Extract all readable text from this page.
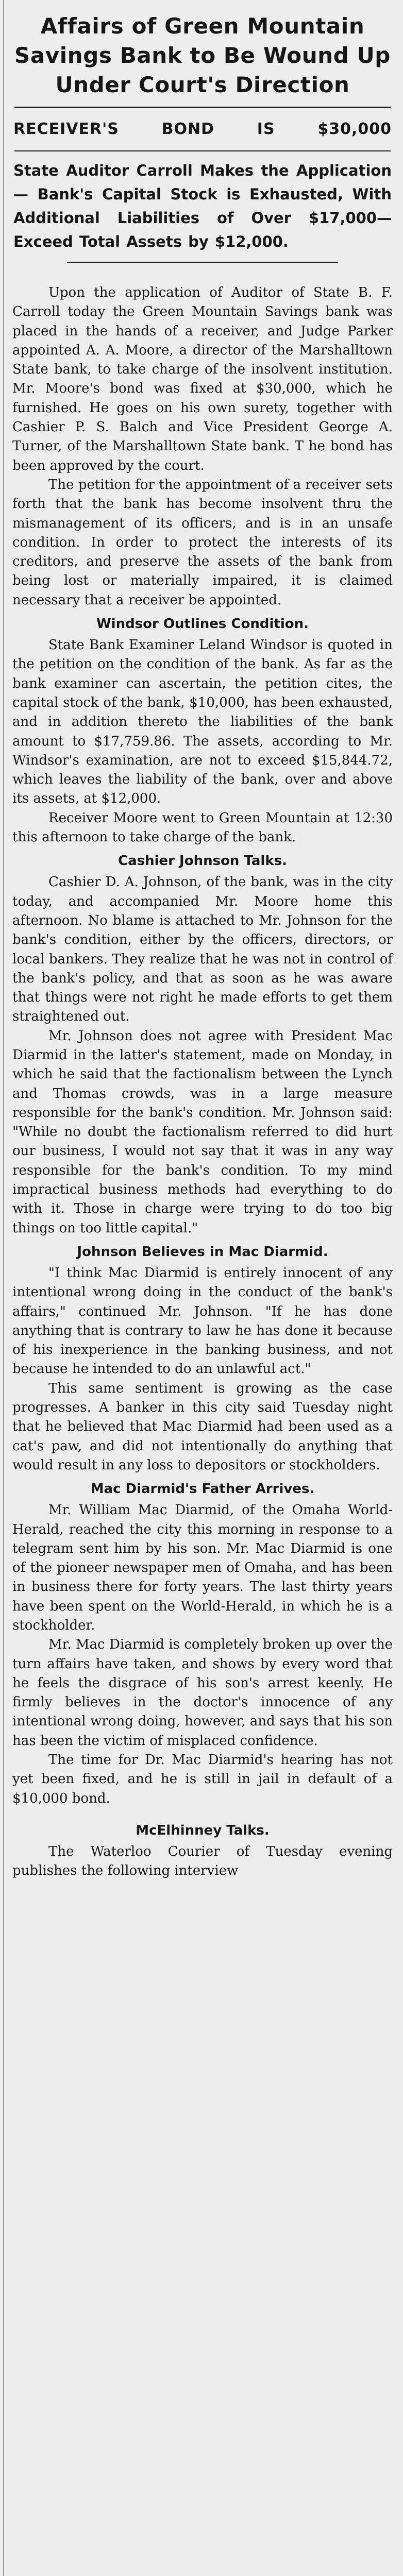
Affairs of Green Mountain Savings Bank to Be Wound Up Under Court's Direction
RECEIVER'S	BOND	IS	$30,000
State Auditor Carroll Makes the Application — Bank's Capital Stock is Exhausted, With Additional Liabilities of Over $17,000—Exceed Total Assets by $12,000.

Upon the application of Auditor of State B. F. Carroll today the Green Mountain Savings bank was placed in the hands of a receiver, and Judge Parker appointed A. A. Moore, a director of the Marshalltown State bank, to take charge of the insolvent institution. Mr. Moore's bond was fixed at $30,000, which he furnished. He goes on his own surety, together with Cashier P. S. Balch and Vice President George A. Turner, of the Marshalltown State bank. T he bond has been approved by the court.

The petition for the appointment of a receiver sets forth that the bank has become insolvent thru the mismanagement of its officers, and is in an unsafe condition. In order to protect the interests of its creditors, and preserve the assets of the bank from being lost or materially impaired, it is claimed necessary that a receiver be appointed.

Windsor Outlines Condition.

State Bank Examiner Leland Windsor is quoted in the petition on the condition of the bank. As far as the bank examiner can ascertain, the petition cites, the capital stock of the bank, $10,000, has been exhausted, and in addition thereto the liabilities of the bank amount to $17,759.86. The assets, according to Mr. Windsor's examination, are not to exceed $15,844.72, which leaves the liability of the bank, over and above its assets, at $12,000.

Receiver Moore went to Green Mountain at 12:30 this afternoon to take charge of the bank.

Cashier Johnson Talks.

Cashier D. A. Johnson, of the bank, was in the city today, and accompanied Mr. Moore home this afternoon. No blame is attached to Mr. Johnson for the bank's condition, either by the officers, directors, or local bankers. They realize that he was not in control of the bank's policy, and that as soon as he was aware that things were not right he made efforts to get them straightened out.

Mr. Johnson does not agree with President Mac Diarmid in the latter's statement, made on Monday, in which he said that the factionalism between the Lynch and Thomas crowds, was in a large measure responsible for the bank's condition. Mr. Johnson said: "While no doubt the factionalism referred to did hurt our business, I would not say that it was in any way responsible for the bank's condition. To my mind impractical business methods had everything to do with it. Those in charge were trying to do too big things on too little capital."

Johnson Believes in Mac Diarmid.

"I think Mac Diarmid is entirely innocent of any intentional wrong doing in the conduct of the bank's affairs," continued Mr. Johnson. "If he has done anything that is contrary to law he has done it because of his inexperience in the banking business, and not because he intended to do an unlawful act."

This same sentiment is growing as the case progresses. A banker in this city said Tuesday night that he believed that Mac Diarmid had been used as a cat's paw, and did not intentionally do anything that would result in any loss to depositors or stockholders.

Mac Diarmid's Father Arrives.

Mr. William Mac Diarmid, of the Omaha World-Herald, reached the city this morning in response to a telegram sent him by his son. Mr. Mac Diarmid is one of the pioneer newspaper men of Omaha, and has been in business there for forty years. The last thirty years have been spent on the World-Herald, in which he is a stockholder.

Mr. Mac Diarmid is completely broken up over the turn affairs have taken, and shows by every word that he feels the disgrace of his son's arrest keenly. He firmly believes in the doctor's innocence of any intentional wrong doing, however, and says that his son has been the victim of misplaced confidence.

The time for Dr. Mac Diarmid's hearing has not yet been fixed, and he is still in jail in default of a $10,000 bond.

McElhinney Talks.

The Waterloo Courier of Tuesday evening publishes the following interview
